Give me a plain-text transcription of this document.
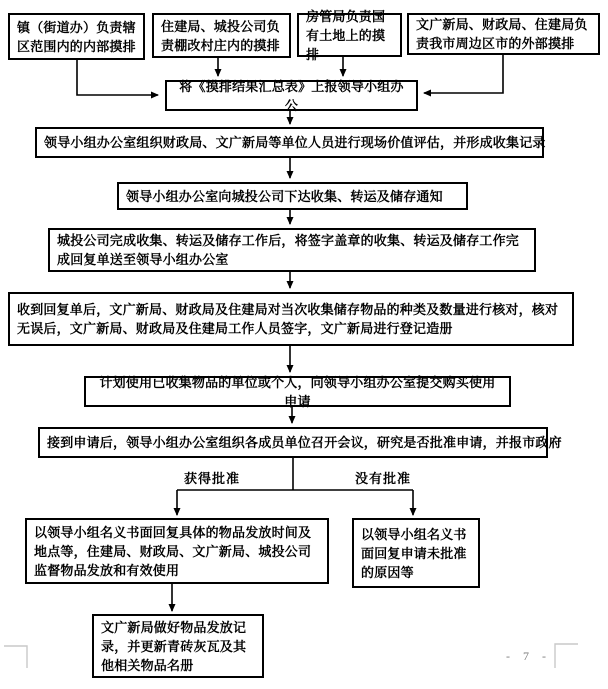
镇（街道办）负责辖区范围内的内部摸排
住建局、城投公司负责棚改村庄内的摸排
房管局负责国有土地上的摸排
文广新局、财政局、住建局负责我市周边区市的外部摸排
将《摸排结果汇总表》上报领导小组办公
领导小组办公室组织财政局、文广新局等单位人员进行现场价值评估，并形成收集记录
领导小组办公室向城投公司下达收集、转运及储存通知
城投公司完成收集、转运及储存工作后，将签字盖章的收集、转运及储存工作完成回复单送至领导小组办公室
收到回复单后，文广新局、财政局及住建局对当次收集储存物品的种类及数量进行核对，核对无误后，文广新局、财政局及住建局工作人员签字，文广新局进行登记造册
计划使用已收集物品的单位或个人，向领导小组办公室提交购买使用申请
接到申请后，领导小组办公室组织各成员单位召开会议，研究是否批准申请，并报市政府
获得批准	没有批准
以领导小组名义书面回复具体的物品发放时间及地点等，住建局、财政局、文广新局、城投公司监督物品发放和有效使用
以领导小组名义书面回复申请未批准的原因等
文广新局做好物品发放记录，并更新青砖灰瓦及其他相关物品名册
- 7 -
